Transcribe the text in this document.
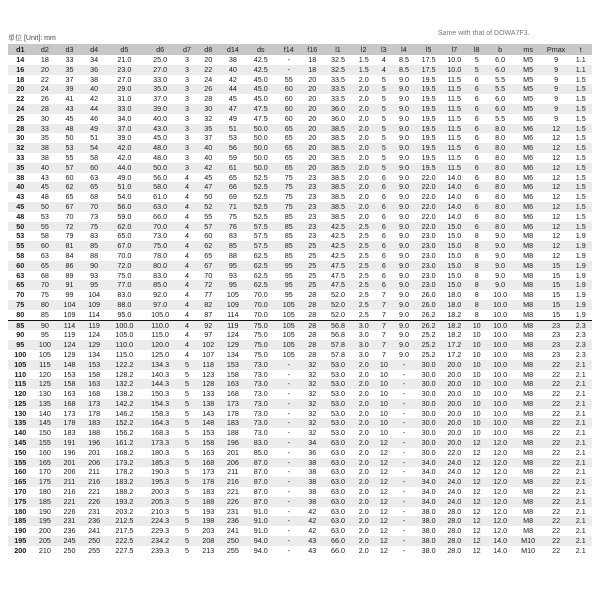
単位 [Unit]: mm
Same with that of DOWA7F3.
d1	d2	d3	d4	d5	d6	d7	d8	d14	ds	f14	f16	l1	l2	l3	l4	l5	l7	l8	b	ms	Pmax	t
14	18	33	34	21.0	25.0	3	20	38	42.5	-	18	32.5	1.5	4	8.5	17.5	10.0	5	6.0	M5	9	1.1
16	20	35	36	23.0	27.0	3	22	40	42.5	-	18	32.5	1.5	4	8.5	17.5	10.0	5	6.0	M5	9	1.1
18	22	37	38	27.0	33.0	3	24	42	45.0	55	20	33.5	2.0	5	9.0	19.5	11.5	6	5.5	M5	9	1.5
20	24	39	40	29.0	35.0	3	26	44	45.0	60	20	33.5	2.0	5	9.0	19.5	11.5	6	5.5	M5	9	1.5
22	26	41	42	31.0	37.0	3	28	45	45.0	60	20	33.5	2.0	5	9.0	19.5	11.5	6	6.0	M5	9	1.5
24	28	43	44	33.0	39.0	3	30	47	47.5	60	20	36.0	2.0	5	9.0	19.5	11.5	6	6.0	M5	9	1.5
25	30	45	46	34.0	40.0	3	32	49	47.5	60	20	36.0	2.0	5	9.0	19.5	11.5	6	5.5	M6	9	1.5
28	33	48	49	37.0	43.0	3	35	51	50.0	65	20	38.5	2.0	5	9.0	19.5	11.5	6	8.0	M6	12	1.5
30	35	50	51	39.0	45.0	3	37	53	50.0	65	20	38.5	2.0	5	9.0	19.5	11.5	6	8.0	M6	12	1.5
32	38	53	54	42.0	48.0	3	40	56	50.0	65	20	38.5	2.0	5	9.0	19.5	11.5	6	8.0	M6	12	1.5
33	38	55	58	42.0	48.0	3	40	59	50.0	65	20	38.5	2.0	5	9.0	19.5	11.5	6	8.0	M6	12	1.5
35	40	57	60	44.0	50.0	3	42	61	50.0	65	20	38.5	2.0	5	9.0	19.5	11.5	6	8.0	M6	12	1.5
38	43	60	63	49.0	56.0	4	45	65	52.5	75	23	38.5	2.0	6	9.0	22.0	14.0	6	8.0	M6	12	1.5
40	45	62	65	51.0	58.0	4	47	66	52.5	75	23	38.5	2.0	6	9.0	22.0	14.0	6	8.0	M6	12	1.5
43	48	65	68	54.0	61.0	4	50	69	52.5	75	23	38.5	2.0	6	9.0	22.0	14.0	6	8.0	M6	12	1.5
45	50	67	70	56.0	63.0	4	52	71	52.5	75	23	38.5	2.0	6	9.0	22.0	14.0	6	8.0	M6	12	1.5
48	53	70	73	59.0	66.0	4	55	75	52.5	85	23	38.5	2.0	6	9.0	22.0	14.0	6	8.0	M6	12	1.5
50	55	72	75	62.0	70.0	4	57	76	57.5	85	23	42.5	2.5	6	9.0	22.0	15.0	6	8.0	M6	12	1.5
53	58	79	83	65.0	73.0	4	60	83	57.5	85	23	42.5	2.5	6	9.0	23.0	15.0	8	9.0	M8	12	1.9
55	60	81	85	67.0	75.0	4	62	85	57.5	85	25	42.5	2.5	6	9.0	23.0	15.0	8	9.0	M8	12	1.9
58	63	84	88	70.0	78.0	4	65	88	62.5	85	25	42.5	2.5	6	9.0	23.0	15.0	8	9.0	M8	12	1.9
60	65	86	90	72.0	80.0	4	67	95	62.5	95	25	47.5	2.5	6	9.0	23.0	15.0	8	9.0	M8	15	1.9
63	68	89	93	75.0	83.0	4	70	93	62.5	95	25	47.5	2.5	6	9.0	23.0	15.0	8	9.0	M8	15	1.9
65	70	91	95	77.0	85.0	4	72	95	62.5	95	25	47.5	2.5	6	9.0	23.0	15.0	8	9.0	M8	15	1.9
70	75	99	104	83.0	92.0	4	77	105	70.0	95	28	52.0	2.5	7	9.0	26.0	18.0	8	10.0	M8	15	1.9
75	80	104	109	88.0	97.0	4	82	109	70.0	105	28	52.0	2.5	7	9.0	26.0	18.0	8	10.0	M8	15	1.9
80	85	109	114	95.0	105.0	4	87	114	70.0	105	28	52.0	2.5	7	9.0	26.2	18.2	8	10.0	M8	15	1.9
85	90	114	119	100.0	110.0	4	92	119	75.0	105	28	56.8	3.0	7	9.0	26.2	18.2	10	10.0	M8	23	2.3
90	95	119	124	105.0	115.0	4	97	124	75.0	105	28	56.8	3.0	7	9.0	25.2	18.2	10	10.0	M8	23	2.3
95	100	124	129	110.0	120.0	4	102	129	75.0	105	28	57.8	3.0	7	9.0	25.2	17.2	10	10.0	M8	23	2.3
100	105	129	134	115.0	125.0	4	107	134	75.0	105	28	57.8	3.0	7	9.0	25.2	17.2	10	10.0	M8	23	2.3
105	115	148	153	122.2	134.3	5	118	153	73.0	-	32	53.0	2.0	10	-	30.0	20.0	10	10.0	M8	22	2.1
110	120	153	158	128.2	140.3	5	123	158	73.0	-	32	53.0	2.0	10	-	30.0	20.0	10	10.0	M8	22	2.1
115	125	158	163	132.2	144.3	5	128	163	73.0	-	32	53.0	2.0	10	-	30.0	20.0	10	10.0	M8	22	2.1
120	130	163	168	138.2	150.3	5	133	168	73.0	-	32	53.0	2.0	10	-	30.0	20.0	10	10.0	M8	22	2.1
125	135	168	173	142.2	154.3	5	138	173	73.0	-	32	53.0	2.0	10	-	30.0	20.0	10	10.0	M8	22	2.1
130	140	173	178	146.2	158.3	5	143	178	73.0	-	32	53.0	2.0	10	-	30.0	20.0	10	10.0	M8	22	2.1
135	145	178	183	152.2	164.3	5	148	183	73.0	-	32	53.0	2.0	10	-	30.0	20.0	10	10.0	M8	22	2.1
140	150	183	188	156.2	168.3	5	153	188	73.0	-	32	53.0	2.0	10	-	30.0	20.0	10	10.0	M8	22	2.1
145	155	191	196	161.2	173.3	5	158	196	83.0	-	34	63.0	2.0	12	-	30.0	20.0	12	12.0	M8	22	2.1
150	160	196	201	168.2	180.3	5	163	201	85.0	-	36	63.0	2.0	12	-	30.0	22.0	12	12.0	M8	22	2.1
155	165	201	206	173.2	185.3	5	168	206	87.0	-	38	63.0	2.0	12	-	34.0	24.0	12	12.0	M8	22	2.1
160	170	206	211	178.2	190.3	5	173	211	87.0	-	38	63.0	2.0	12	-	34.0	24.0	12	12.0	M8	22	2.1
165	175	211	216	183.2	195.3	5	178	216	87.0	-	38	63.0	2.0	12	-	34.0	24.0	12	12.0	M8	22	2.1
170	180	216	221	188.2	200.3	5	183	221	87.0	-	38	63.0	2.0	12	-	34.0	24.0	12	12.0	M8	22	2.1
175	185	221	226	193.2	205.3	5	188	226	87.0	-	38	63.0	2.0	12	-	34.0	24.0	12	12.0	M8	22	2.1
180	190	226	231	203.2	210.3	5	193	231	91.0	-	42	63.0	2.0	12	-	38.0	28.0	12	12.0	M8	22	2.1
185	195	231	236	212.5	224.3	5	198	236	91.0	-	42	63.0	2.0	12	-	38.0	28.0	12	12.0	M8	22	2.1
190	200	236	241	217.5	229.3	5	203	241	91.0	-	42	63.0	2.0	12	-	38.0	28.0	12	12.0	M8	22	2.1
195	205	245	250	222.5	234.2	5	208	250	94.0	-	43	66.0	2.0	12	-	38.0	28.0	12	14.0	M10	22	2.1
200	210	250	255	227.5	239.3	5	213	255	94.0	-	43	66.0	2.0	12	-	38.0	28.0	12	14.0	M10	22	2.1
